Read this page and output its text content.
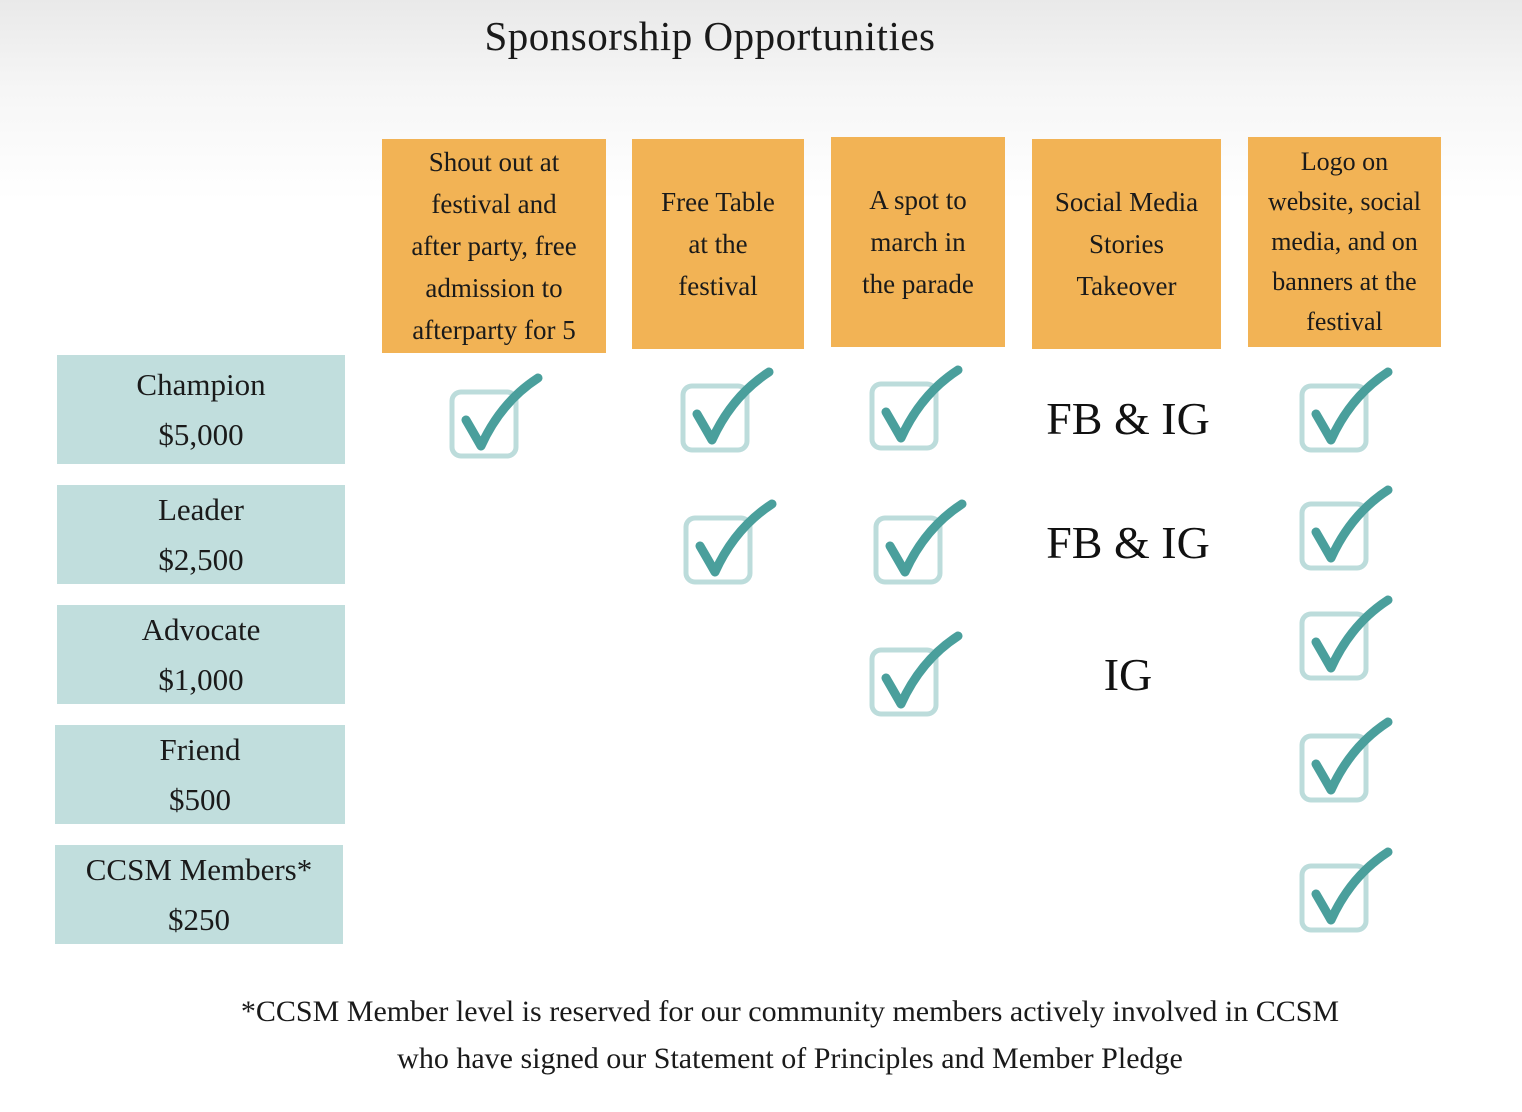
Sponsorship Opportunities
Shout out at
festival and
after party, free
admission to
afterparty for 5
Free Table
at the
festival
A spot to
march in
the parade
Social Media
Stories
Takeover
Logo on
website, social
media, and on
banners at the
festival
Champion
$5,000
Leader
$2,500
Advocate
$1,000
Friend
$500
CCSM Members*
$250
FB & IG
FB & IG
IG
*CCSM Member level is reserved for our community members actively involved in CCSM
who have signed our Statement of Principles and Member Pledge
